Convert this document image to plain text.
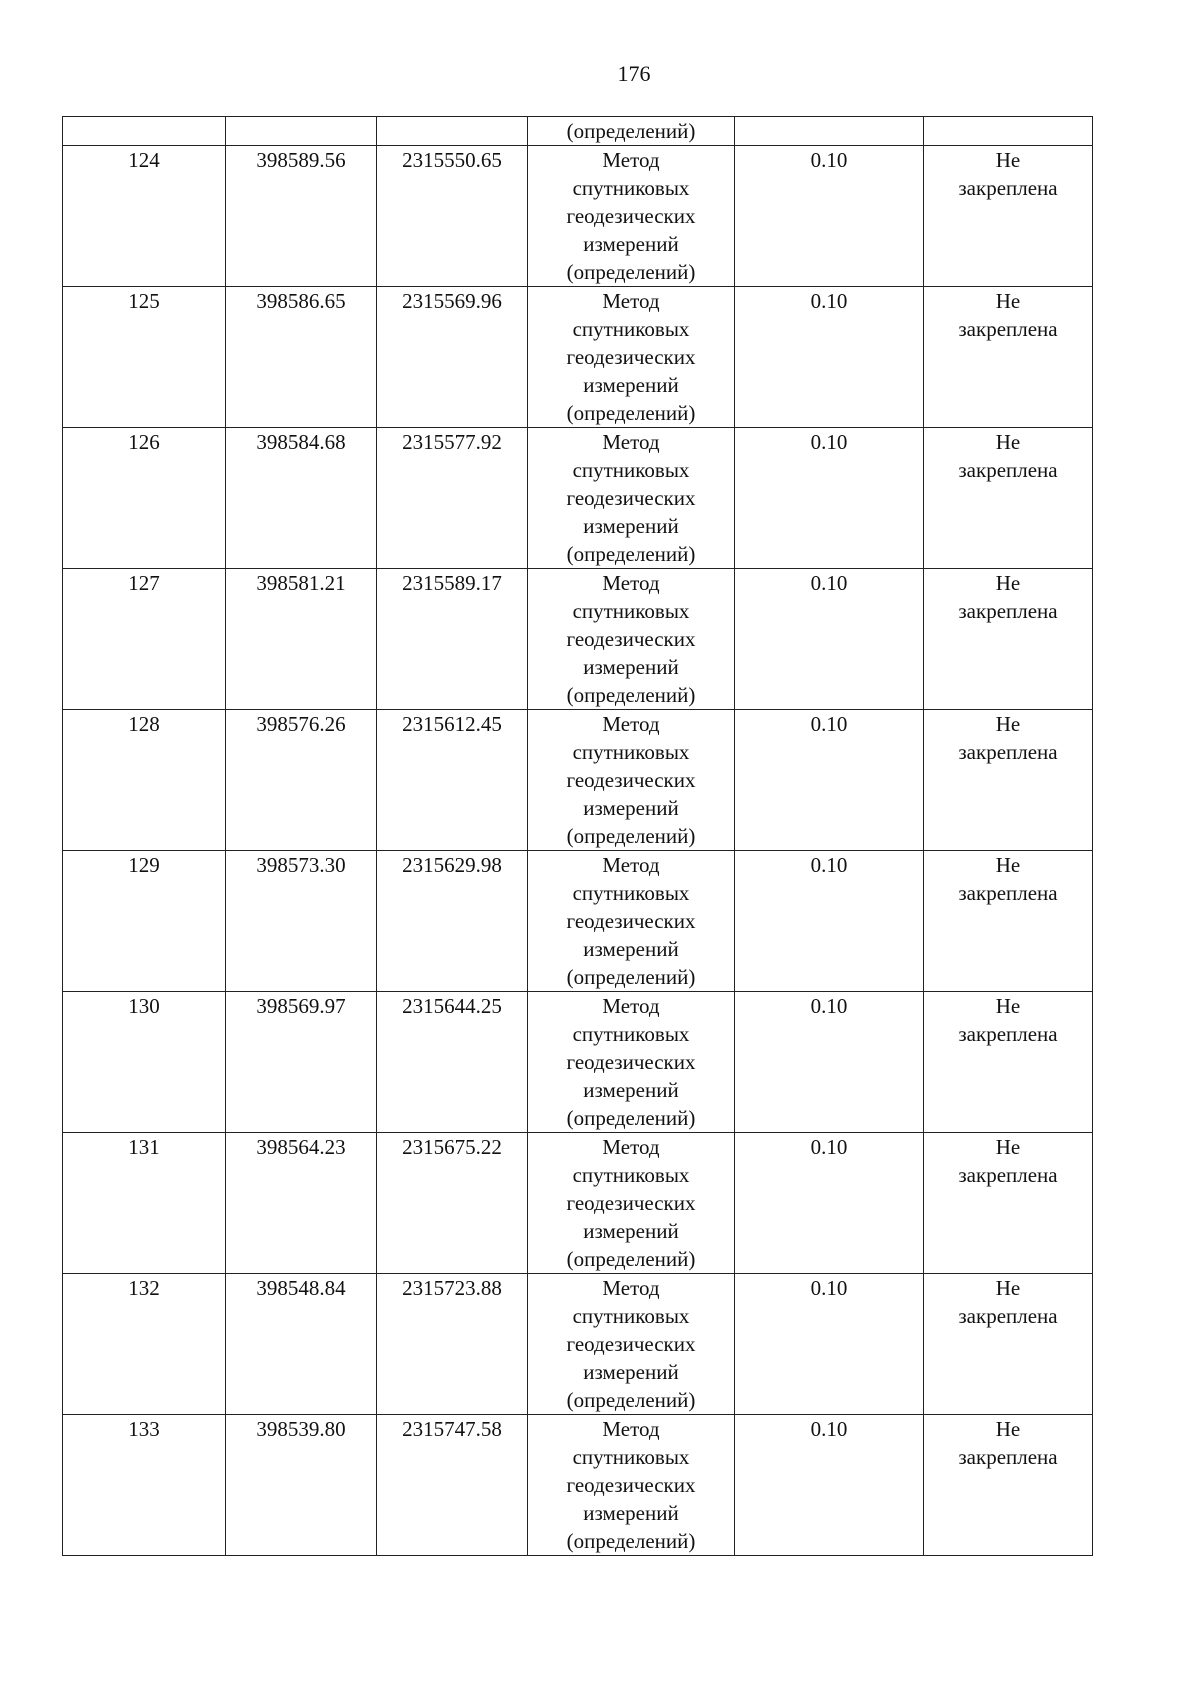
176
			(определений)		
124	398589.56	2315550.65	Метод
спутниковых
геодезических
измерений
(определений)	0.10	Не
закреплена

125	398586.65	2315569.96	Метод
спутниковых
геодезических
измерений
(определений)	0.10	Не
закреплена

126	398584.68	2315577.92	Метод
спутниковых
геодезических
измерений
(определений)	0.10	Не
закреплена

127	398581.21	2315589.17	Метод
спутниковых
геодезических
измерений
(определений)	0.10	Не
закреплена

128	398576.26	2315612.45	Метод
спутниковых
геодезических
измерений
(определений)	0.10	Не
закреплена

129	398573.30	2315629.98	Метод
спутниковых
геодезических
измерений
(определений)	0.10	Не
закреплена

130	398569.97	2315644.25	Метод
спутниковых
геодезических
измерений
(определений)	0.10	Не
закреплена

131	398564.23	2315675.22	Метод
спутниковых
геодезических
измерений
(определений)	0.10	Не
закреплена

132	398548.84	2315723.88	Метод
спутниковых
геодезических
измерений
(определений)	0.10	Не
закреплена

133	398539.80	2315747.58	Метод
спутниковых
геодезических
измерений
(определений)	0.10	Не
закреплена
